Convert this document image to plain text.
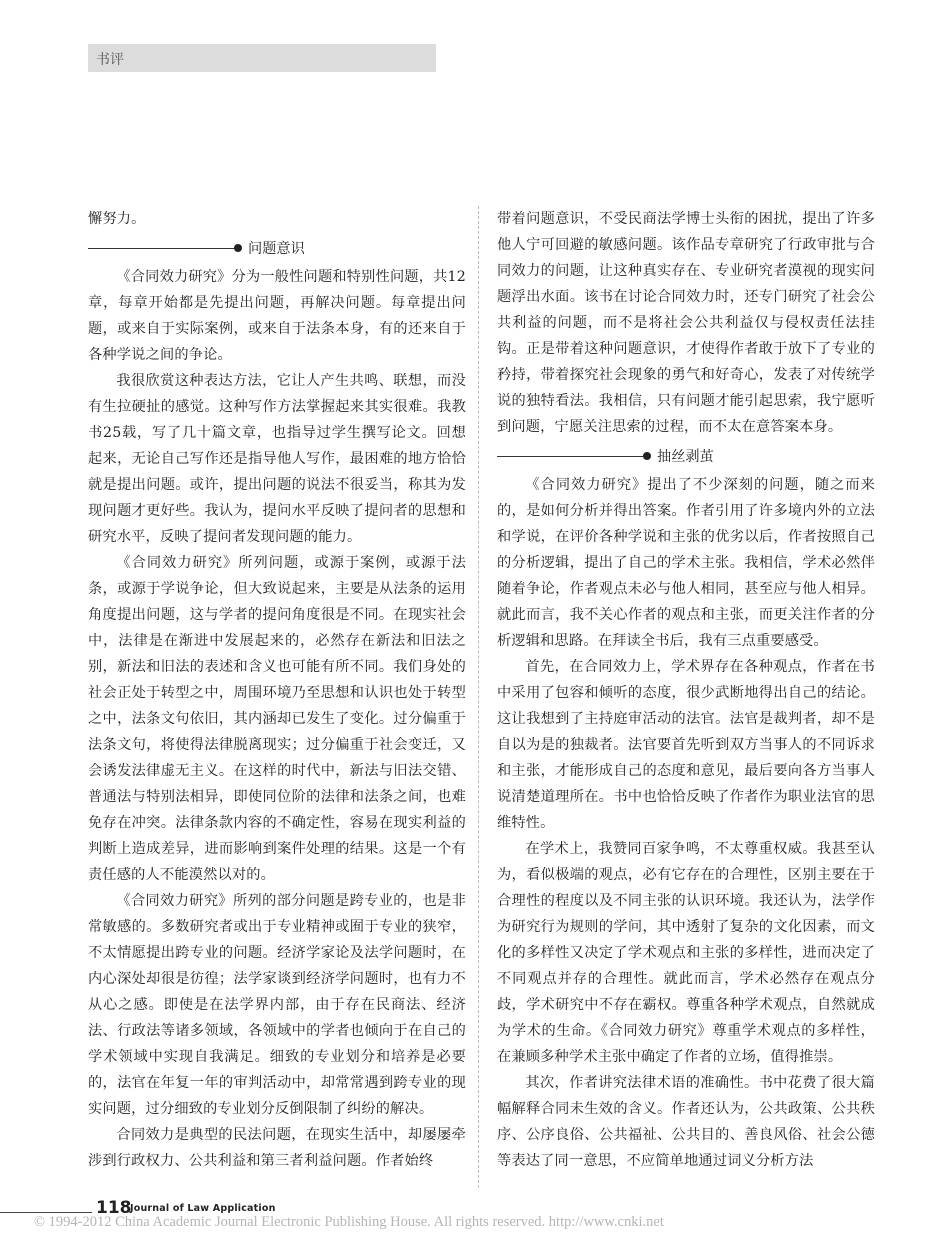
书评

懈努力。

问题意识

《合同效力研究》分为一般性问题和特别性问题，共12章，每章开始都是先提出问题，再解决问题。每章提出问题，或来自于实际案例，或来自于法条本身，有的还来自于各种学说之间的争论。

我很欣赏这种表达方法，它让人产生共鸣、联想，而没有生拉硬扯的感觉。这种写作方法掌握起来其实很难。我教书25载，写了几十篇文章，也指导过学生撰写论文。回想起来，无论自己写作还是指导他人写作，最困难的地方恰恰就是提出问题。或许，提出问题的说法不很妥当，称其为发现问题才更好些。我认为，提问水平反映了提问者的思想和研究水平，反映了提问者发现问题的能力。

《合同效力研究》所列问题，或源于案例，或源于法条，或源于学说争论，但大致说起来，主要是从法条的运用角度提出问题，这与学者的提问角度很是不同。在现实社会中，法律是在渐进中发展起来的，必然存在新法和旧法之别，新法和旧法的表述和含义也可能有所不同。我们身处的社会正处于转型之中，周围环境乃至思想和认识也处于转型之中，法条文句依旧，其内涵却已发生了变化。过分偏重于法条文句，将使得法律脱离现实；过分偏重于社会变迁，又会诱发法律虚无主义。在这样的时代中，新法与旧法交错、普通法与特别法相异，即使同位阶的法律和法条之间，也难免存在冲突。法律条款内容的不确定性，容易在现实利益的判断上造成差异，进而影响到案件处理的结果。这是一个有责任感的人不能漠然以对的。

《合同效力研究》所列的部分问题是跨专业的，也是非常敏感的。多数研究者或出于专业精神或囿于专业的狭窄，不太情愿提出跨专业的问题。经济学家论及法学问题时，在内心深处却很是彷徨；法学家谈到经济学问题时，也有力不从心之感。即使是在法学界内部，由于存在民商法、经济法、行政法等诸多领域，各领域中的学者也倾向于在自己的学术领域中实现自我满足。细致的专业划分和培养是必要的，法官在年复一年的审判活动中，却常常遇到跨专业的现实问题，过分细致的专业划分反倒限制了纠纷的解决。

合同效力是典型的民法问题，在现实生活中，却屡屡牵涉到行政权力、公共利益和第三者利益问题。作者始终

带着问题意识，不受民商法学博士头衔的困扰，提出了许多他人宁可回避的敏感问题。该作品专章研究了行政审批与合同效力的问题，让这种真实存在、专业研究者漠视的现实问题浮出水面。该书在讨论合同效力时，还专门研究了社会公共利益的问题，而不是将社会公共利益仅与侵权责任法挂钩。正是带着这种问题意识，才使得作者敢于放下了专业的矜持，带着探究社会现象的勇气和好奇心，发表了对传统学说的独特看法。我相信，只有问题才能引起思索，我宁愿听到问题，宁愿关注思索的过程，而不太在意答案本身。

抽丝剥茧

《合同效力研究》提出了不少深刻的问题，随之而来的，是如何分析并得出答案。作者引用了许多境内外的立法和学说，在评价各种学说和主张的优劣以后，作者按照自己的分析逻辑，提出了自己的学术主张。我相信，学术必然伴随着争论，作者观点未必与他人相同，甚至应与他人相异。就此而言，我不关心作者的观点和主张，而更关注作者的分析逻辑和思路。在拜读全书后，我有三点重要感受。

首先，在合同效力上，学术界存在各种观点，作者在书中采用了包容和倾听的态度，很少武断地得出自己的结论。这让我想到了主持庭审活动的法官。法官是裁判者，却不是自以为是的独裁者。法官要首先听到双方当事人的不同诉求和主张，才能形成自己的态度和意见，最后要向各方当事人说清楚道理所在。书中也恰恰反映了作者作为职业法官的思维特性。

在学术上，我赞同百家争鸣，不太尊重权威。我甚至认为，看似极端的观点，必有它存在的合理性，区别主要在于合理性的程度以及不同主张的认识环境。我还认为，法学作为研究行为规则的学问，其中透射了复杂的文化因素，而文化的多样性又决定了学术观点和主张的多样性，进而决定了不同观点并存的合理性。就此而言，学术必然存在观点分歧，学术研究中不存在霸权。尊重各种学术观点，自然就成为学术的生命。《合同效力研究》尊重学术观点的多样性，在兼顾多种学术主张中确定了作者的立场，值得推崇。

其次，作者讲究法律术语的准确性。书中花费了很大篇幅解释合同未生效的含义。作者还认为，公共政策、公共秩序、公序良俗、公共福祉、公共目的、善良风俗、社会公德等表达了同一意思，不应简单地通过词义分析方法

118
Journal of Law Application
© 1994-2012 China Academic Journal Electronic Publishing House. All rights reserved. http://www.cnki.net
